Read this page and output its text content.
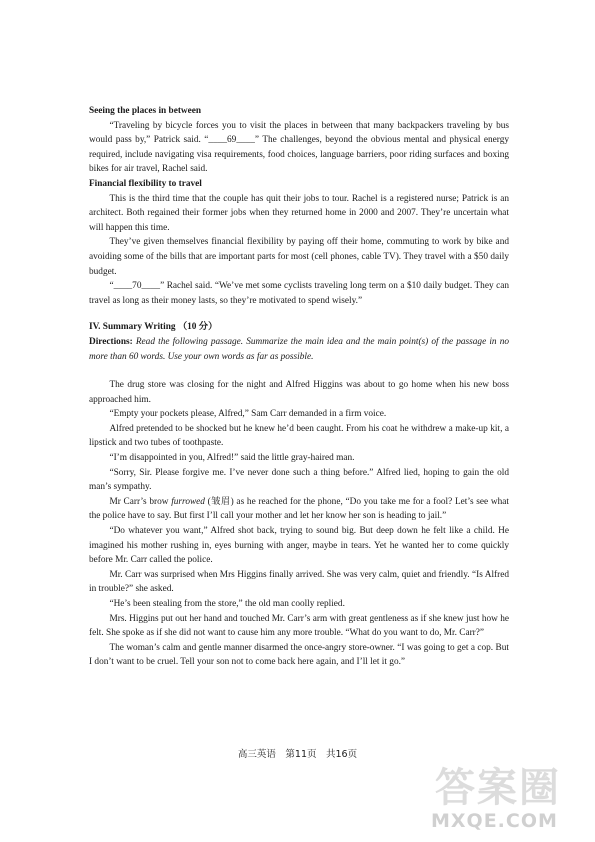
Seeing the places in between

“Traveling by bicycle forces you to visit the places in between that many backpackers traveling by bus would pass by,” Patrick said. “____69____” The challenges, beyond the obvious mental and physical energy required, include navigating visa requirements, food choices, language barriers, poor riding surfaces and boxing bikes for air travel, Rachel said.

Financial flexibility to travel

This is the third time that the couple has quit their jobs to tour. Rachel is a registered nurse; Patrick is an architect. Both regained their former jobs when they returned home in 2000 and 2007. They’re uncertain what will happen this time.

They’ve given themselves financial flexibility by paying off their home, commuting to work by bike and avoiding some of the bills that are important parts for most (cell phones, cable TV). They travel with a $50 daily budget.

“____70____” Rachel said. “We’ve met some cyclists traveling long term on a $10 daily budget. They can travel as long as their money lasts, so they’re motivated to spend wisely.”

IV. Summary Writing （10 分）

Directions: Read the following passage. Summarize the main idea and the main point(s) of the passage in no more than 60 words. Use your own words as far as possible.

The drug store was closing for the night and Alfred Higgins was about to go home when his new boss approached him.

“Empty your pockets please, Alfred,” Sam Carr demanded in a firm voice.

Alfred pretended to be shocked but he knew he’d been caught. From his coat he withdrew a make-up kit, a lipstick and two tubes of toothpaste.

“I’m disappointed in you, Alfred!” said the little gray-haired man.

“Sorry, Sir. Please forgive me. I’ve never done such a thing before.” Alfred lied, hoping to gain the old man’s sympathy.

Mr Carr’s brow furrowed (皱眉) as he reached for the phone, “Do you take me for a fool? Let’s see what the police have to say. But first I’ll call your mother and let her know her son is heading to jail.”

“Do whatever you want,” Alfred shot back, trying to sound big. But deep down he felt like a child. He imagined his mother rushing in, eyes burning with anger, maybe in tears. Yet he wanted her to come quickly before Mr. Carr called the police.

Mr. Carr was surprised when Mrs Higgins finally arrived. She was very calm, quiet and friendly. “Is Alfred in trouble?” she asked.

“He’s been stealing from the store,” the old man coolly replied.

Mrs. Higgins put out her hand and touched Mr. Carr’s arm with great gentleness as if she knew just how he felt. She spoke as if she did not want to cause him any more trouble. “What do you want to do, Mr. Carr?”

The woman’s calm and gentle manner disarmed the once-angry store-owner. “I was going to get a cop. But I don’t want to be cruel. Tell your son not to come back here again, and I’ll let it go.”

高三英语　第11页　共16页
答案圈
MXQE.COM
